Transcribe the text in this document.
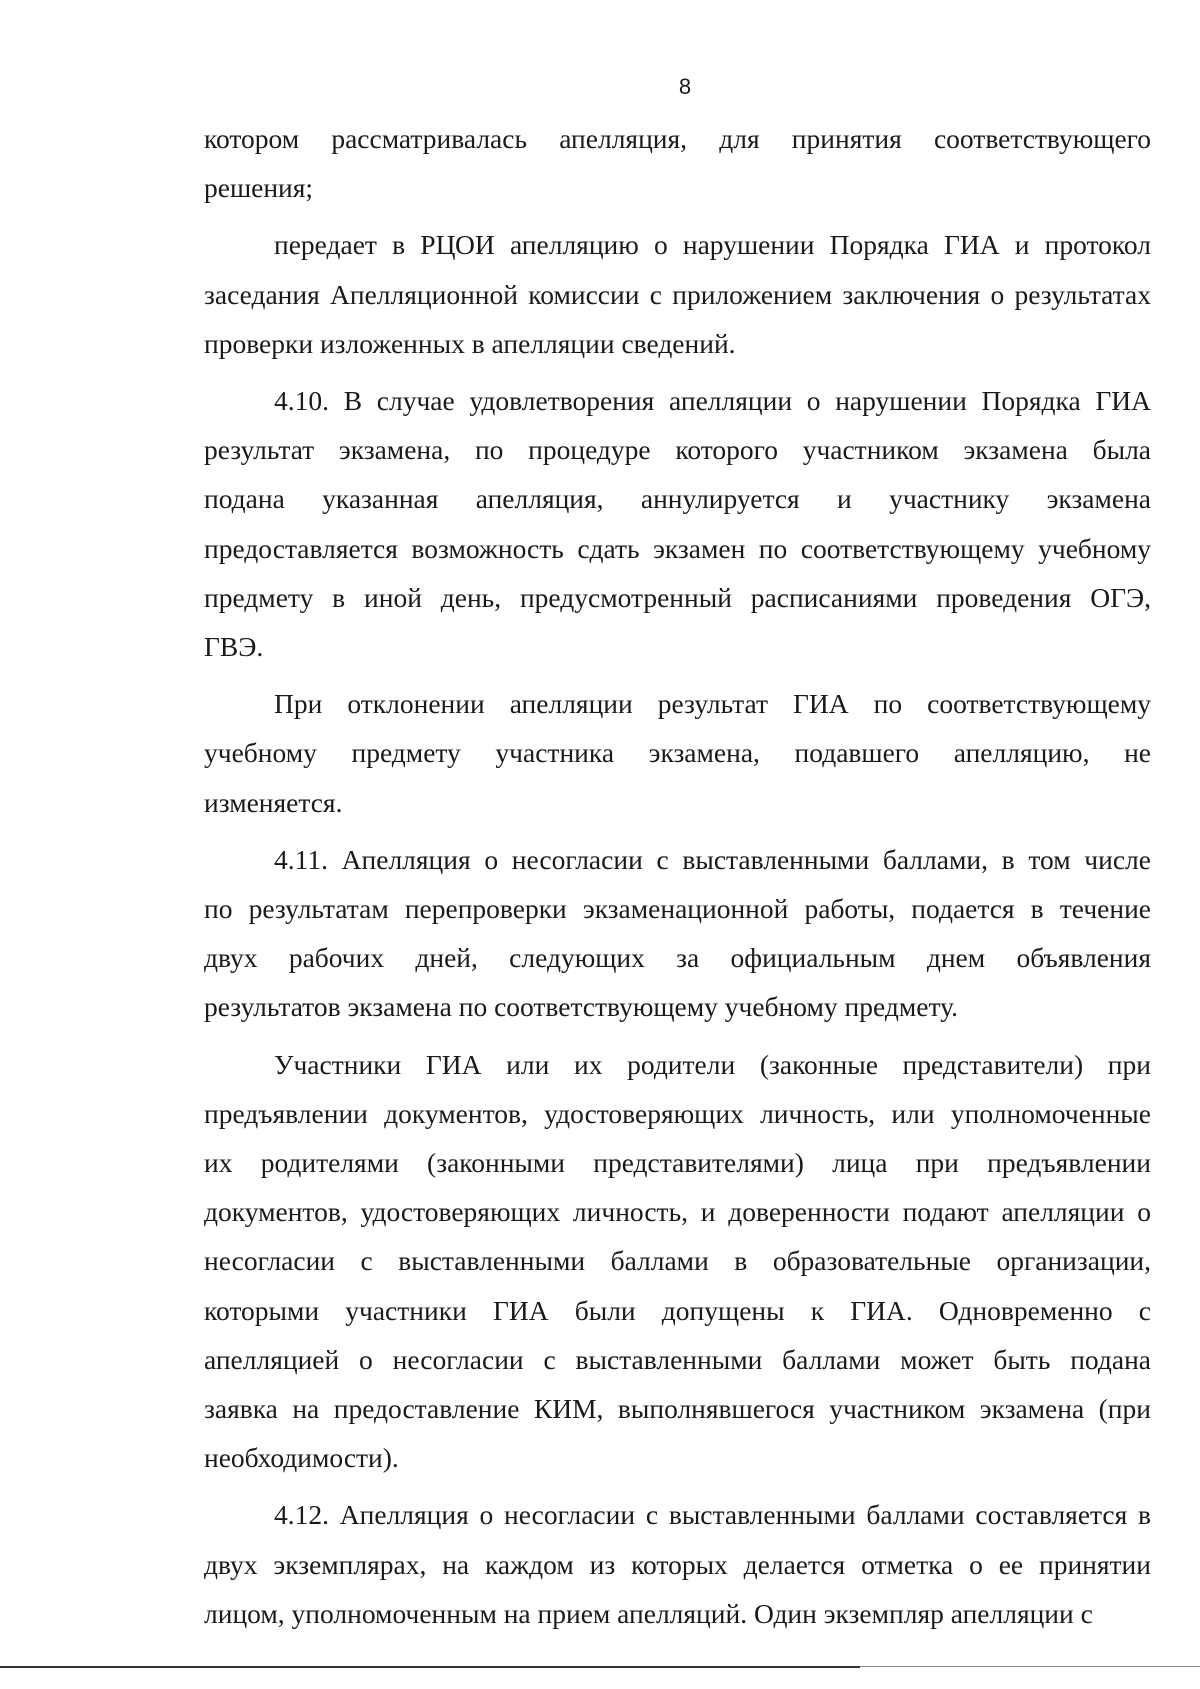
8
котором рассматривалась апелляция, для принятия соответствующего
решения;
передает в РЦОИ апелляцию о нарушении Порядка ГИА и протокол
заседания Апелляционной комиссии с приложением заключения о результатах
проверки изложенных в апелляции сведений.
4.10. В случае удовлетворения апелляции о нарушении Порядка ГИА
результат экзамена, по процедуре которого участником экзамена была
подана указанная апелляция, аннулируется и участнику экзамена
предоставляется возможность сдать экзамен по соответствующему учебному
предмету в иной день, предусмотренный расписаниями проведения ОГЭ,
ГВЭ.
При отклонении апелляции результат ГИА по соответствующему
учебному предмету участника экзамена, подавшего апелляцию, не
изменяется.
4.11. Апелляция о несогласии с выставленными баллами, в том числе
по результатам перепроверки экзаменационной работы, подается в течение
двух рабочих дней, следующих за официальным днем объявления
результатов экзамена по соответствующему учебному предмету.
Участники ГИА или их родители (законные представители) при
предъявлении документов, удостоверяющих личность, или уполномоченные
их родителями (законными представителями) лица при предъявлении
документов, удостоверяющих личность, и доверенности подают апелляции о
несогласии с выставленными баллами в образовательные организации,
которыми участники ГИА были допущены к ГИА. Одновременно с
апелляцией о несогласии с выставленными баллами может быть подана
заявка на предоставление КИМ, выполнявшегося участником экзамена (при
необходимости).
4.12. Апелляция о несогласии с выставленными баллами составляется в
двух экземплярах, на каждом из которых делается отметка о ее принятии
лицом, уполномоченным на прием апелляций. Один экземпляр апелляции с
